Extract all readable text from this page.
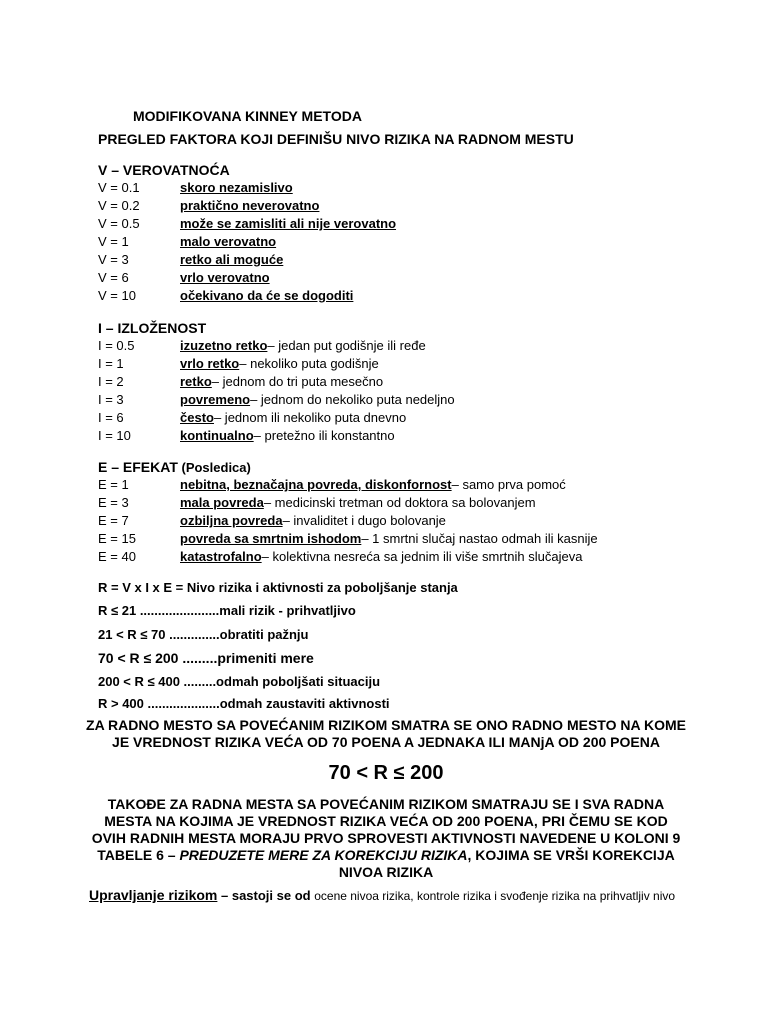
MODIFIKOVANA KINNEY METODA
PREGLED FAKTORA KOJI DEFINIŠU NIVO RIZIKA NA RADNOM MESTU
V – VEROVATNOĆA
V = 0.1	skoro nezamislivo
V = 0.2	praktično neverovatno
V = 0.5	može se zamisliti ali nije verovatno
V = 1	malo verovatno
V = 3	retko ali moguće
V = 6	vrlo verovatno
V = 10	očekivano da će se dogoditi
I – IZLOŽENOST
I = 0.5	izuzetno retko – jedan put godišnje ili ređe
I = 1	vrlo retko – nekoliko puta godišnje
I = 2	retko – jednom do tri puta mesečno
I = 3	povremeno – jednom do nekoliko puta nedeljno
I = 6	često – jednom ili nekoliko puta dnevno
I = 10	kontinualno – pretežno ili konstantno
E – EFEKAT (Posledica)
E = 1	nebitna, beznačajna povreda, diskonfornost – samo prva pomoć
E = 3	mala povreda – medicinski tretman od doktora sa bolovanjem
E = 7	ozbiljna povreda – invaliditet i dugo bolovanje
E = 15	povreda sa smrtnim ishodom – 1 smrtni slučaj nastao odmah ili kasnije
E = 40	katastrofalno – kolektivna nesreća sa jednim ili više smrtnih slučajeva
R = V x I x E = Nivo rizika i aktivnosti za poboljšanje stanja
R ≤ 21 ......................mali rizik - prihvatljivo
21 < R ≤ 70 ..............obratiti pažnju
70 < R ≤ 200 .........primeniti mere
200 < R ≤ 400 .........odmah poboljšati situaciju
R > 400 ....................odmah zaustaviti aktivnosti
ZA RADNO MESTO SA POVEĆANIM RIZIKOM SMATRA SE ONO RADNO MESTO NA KOME JE VREDNOST RIZIKA VEĆA OD 70 POENA A JEDNAKA ILI MANjA OD 200 POENA
70 < R ≤ 200
TAKOĐE ZA RADNA MESTA SA POVEĆANIM RIZIKOM SMATRAJU SE I SVA RADNA MESTA NA KOJIMA JE VREDNOST RIZIKA VEĆA OD 200 POENA, PRI ČEMU SE KOD OVIH RADNIH MESTA MORAJU PRVO SPROVESTI AKTIVNOSTI NAVEDENE U KOLONI 9 TABELE 6 – PREDUZETE MERE ZA KOREKCIJU RIZIKA, KOJIMA SE VRŠI KOREKCIJA NIVOA RIZIKA
Upravljanje rizikom – sastoji se od ocene nivoa rizika, kontrole rizika i svođenje rizika na prihvatljiv nivo
